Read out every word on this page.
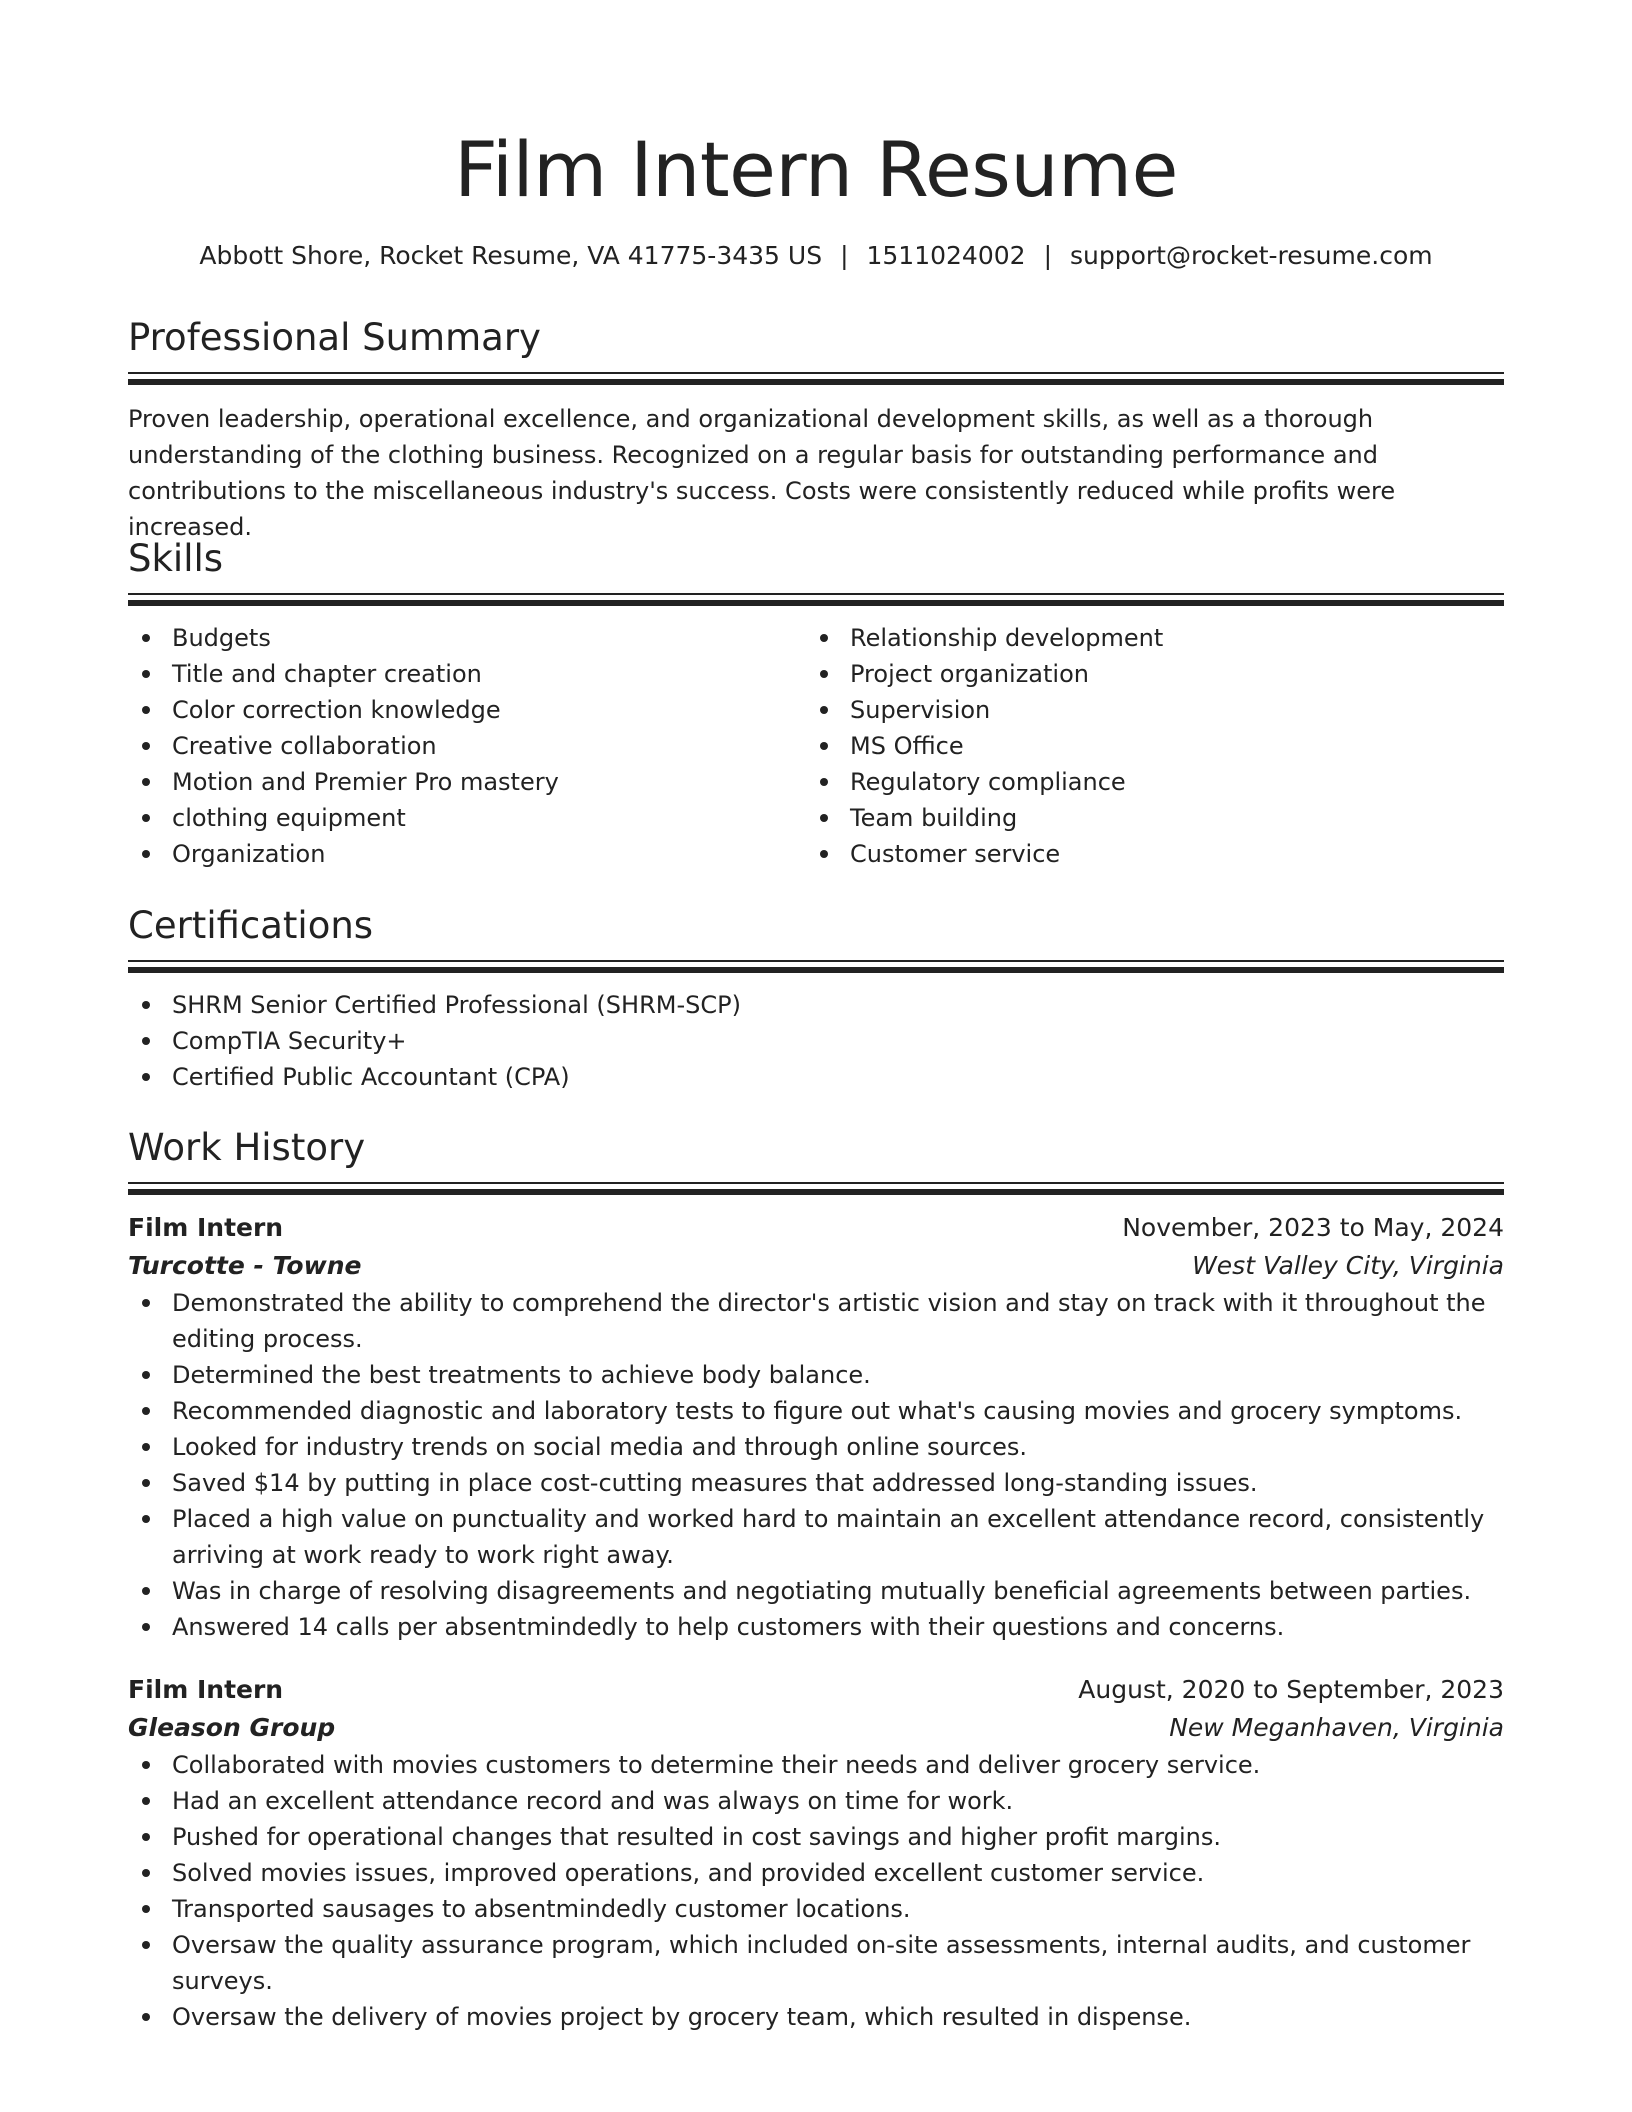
Film Intern Resume
Abbott Shore, Rocket Resume, VA 41775-3435 US | 1511024002 | support@rocket-resume.com
Professional Summary
Proven leadership, operational excellence, and organizational development skills, as well as a thorough understanding of the clothing business. Recognized on a regular basis for outstanding performance and contributions to the miscellaneous industry's success. Costs were consistently reduced while profits were increased.
Skills
Budgets
Title and chapter creation
Color correction knowledge
Creative collaboration
Motion and Premier Pro mastery
clothing equipment
Organization
Relationship development
Project organization
Supervision
MS Office
Regulatory compliance
Team building
Customer service
Certifications
SHRM Senior Certified Professional (SHRM-SCP)
CompTIA Security+
Certified Public Accountant (CPA)
Work History
Film Intern	November, 2023 to May, 2024
Turcotte - Towne	West Valley City, Virginia
Demonstrated the ability to comprehend the director's artistic vision and stay on track with it throughout the editing process.
Determined the best treatments to achieve body balance.
Recommended diagnostic and laboratory tests to figure out what's causing movies and grocery symptoms.
Looked for industry trends on social media and through online sources.
Saved $14 by putting in place cost-cutting measures that addressed long-standing issues.
Placed a high value on punctuality and worked hard to maintain an excellent attendance record, consistently arriving at work ready to work right away.
Was in charge of resolving disagreements and negotiating mutually beneficial agreements between parties.
Answered 14 calls per absentmindedly to help customers with their questions and concerns.
Film Intern	August, 2020 to September, 2023
Gleason Group	New Meganhaven, Virginia
Collaborated with movies customers to determine their needs and deliver grocery service.
Had an excellent attendance record and was always on time for work.
Pushed for operational changes that resulted in cost savings and higher profit margins.
Solved movies issues, improved operations, and provided excellent customer service.
Transported sausages to absentmindedly customer locations.
Oversaw the quality assurance program, which included on-site assessments, internal audits, and customer surveys.
Oversaw the delivery of movies project by grocery team, which resulted in dispense.
